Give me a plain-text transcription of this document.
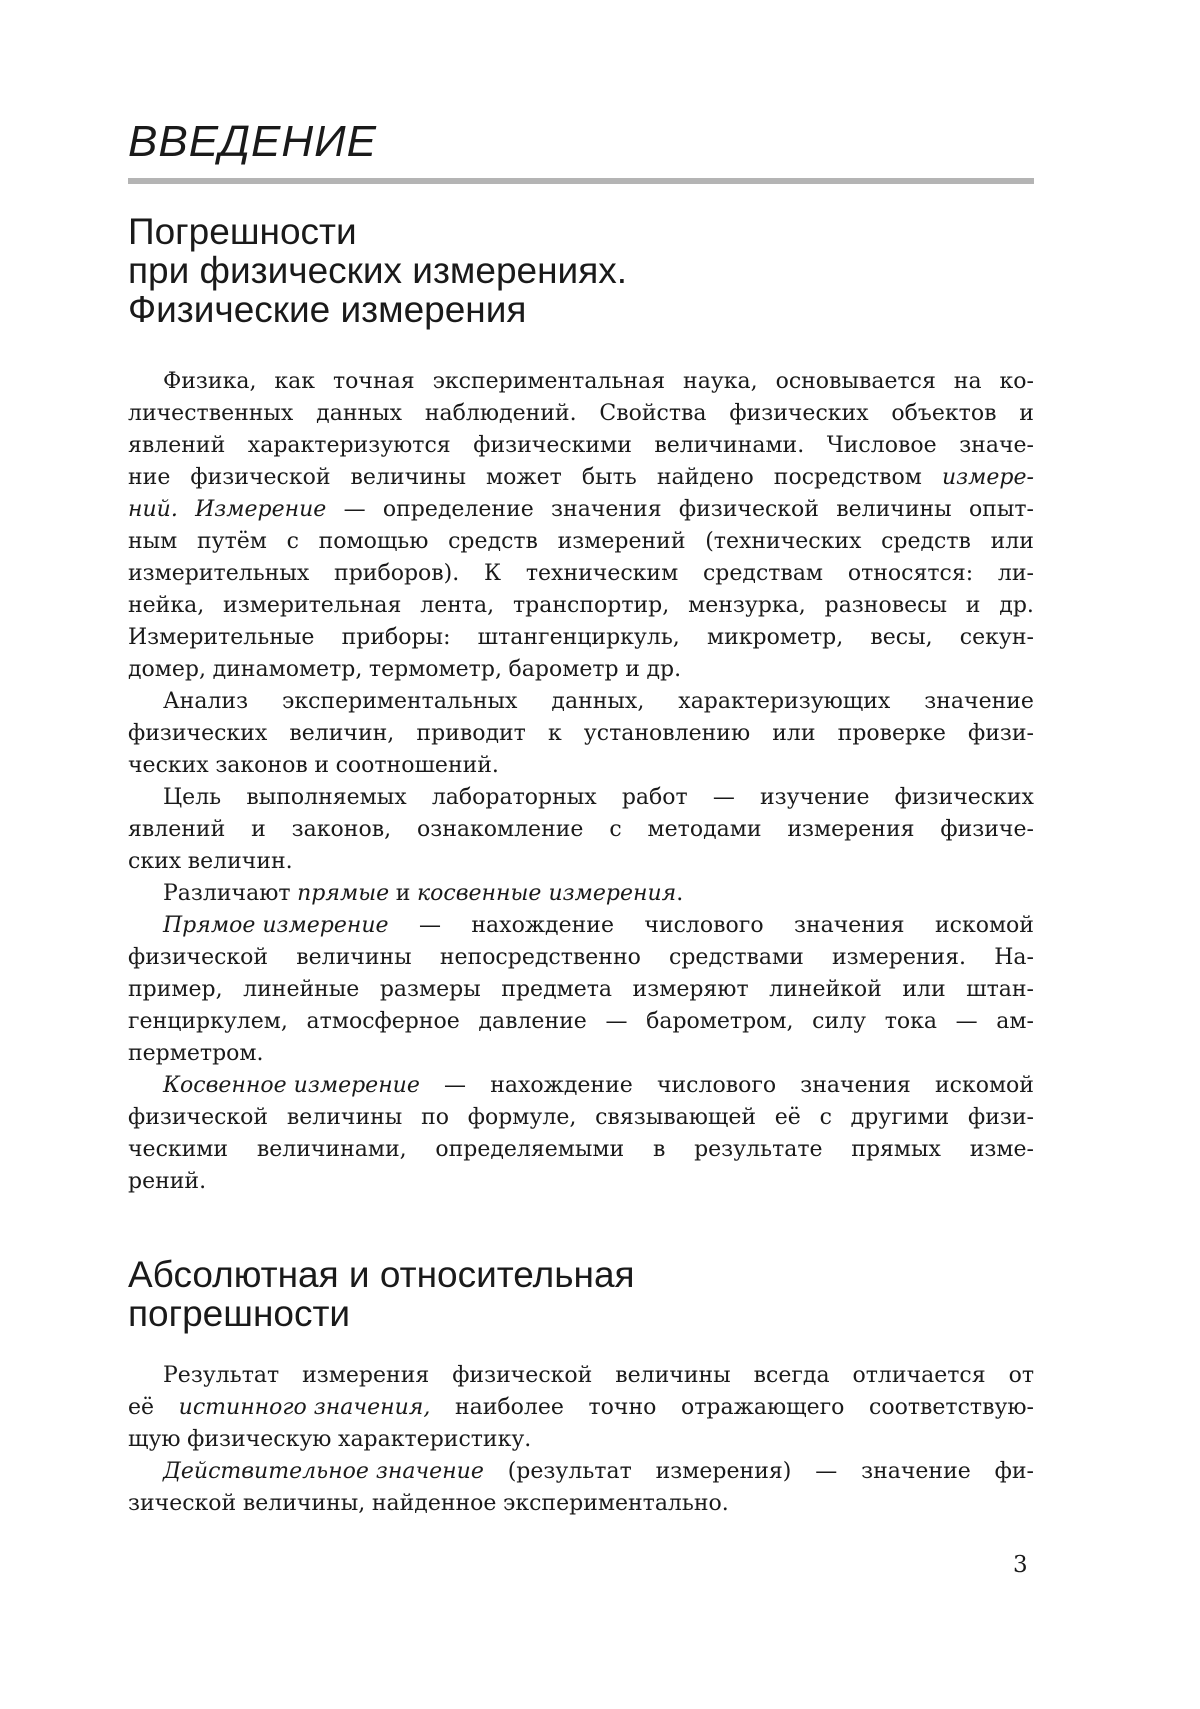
ВВЕДЕНИЕ
Погрешности
при физических измерениях.
Физические измерения
Физика, как точная экспериментальная наука, основывается на ко-
личественных данных наблюдений. Свойства физических объектов и
явлений характеризуются физическими величинами. Числовое значе-
ние физической величины может быть найдено посредством измере-
ний. Измерение — определение значения физической величины опыт-
ным путём с помощью средств измерений (технических средств или
измерительных приборов). К техническим средствам относятся: ли-
нейка, измерительная лента, транспортир, мензурка, разновесы и др.
Измерительные приборы: штангенциркуль, микрометр, весы, секун-
домер, динамометр, термометр, барометр и др.
Анализ экспериментальных данных, характеризующих значение
физических величин, приводит к установлению или проверке физи-
ческих законов и соотношений.
Цель выполняемых лабораторных работ — изучение физических
явлений и законов, ознакомление с методами измерения физиче-
ских величин.
Различают прямые и косвенные измерения.
Прямое измерение — нахождение числового значения искомой
физической величины непосредственно средствами измерения. На-
пример, линейные размеры предмета измеряют линейкой или штан-
генциркулем, атмосферное давление — барометром, силу тока — ам-
перметром.
Косвенное измерение — нахождение числового значения искомой
физической величины по формуле, связывающей её с другими физи-
ческими величинами, определяемыми в результате прямых изме-
рений.
Абсолютная и относительная
погрешности
Результат измерения физической величины всегда отличается от
её истинного значения, наиболее точно отражающего соответствую-
щую физическую характеристику.
Действительное значение (результат измерения) — значение фи-
зической величины, найденное экспериментально.
3
